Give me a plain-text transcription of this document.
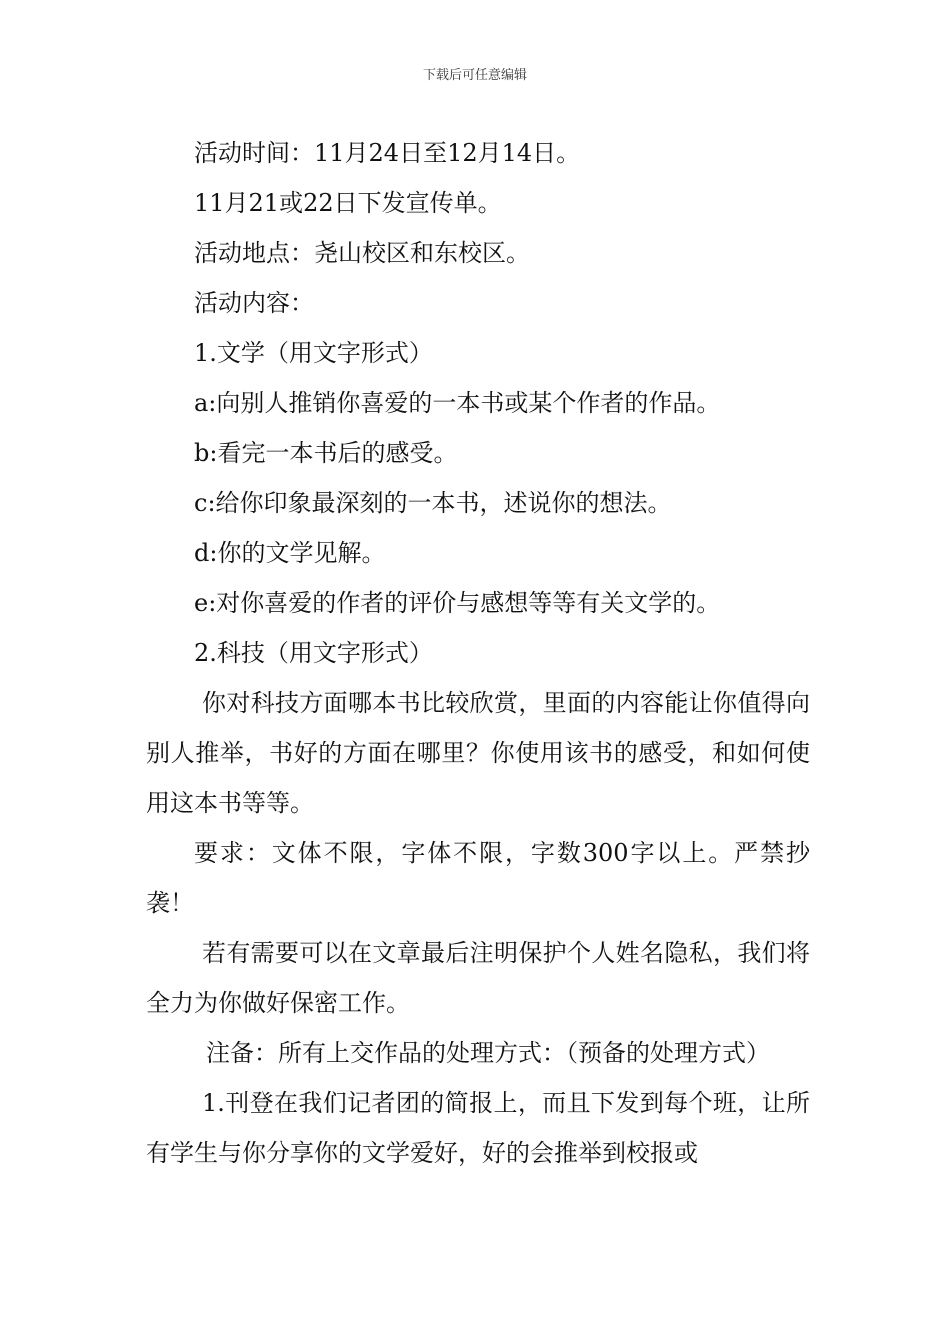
下载后可任意编辑
活动时间：11月24日至12月14日。
11月21或22日下发宣传单。
活动地点：尧山校区和东校区。
活动内容：
1.文学（用文字形式）
a:向别人推销你喜爱的一本书或某个作者的作品。
b:看完一本书后的感受。
c:给你印象最深刻的一本书，述说你的想法。
d:你的文学见解。
e:对你喜爱的作者的评价与感想等等有关文学的。
2.科技（用文字形式）

你对科技方面哪本书比较欣赏，里面的内容能让你值得向别人推举，书好的方面在哪里？你使用该书的感受，和如何使用这本书等等。

要求：文体不限，字体不限，字数300字以上。严禁抄袭！

若有需要可以在文章最后注明保护个人姓名隐私，我们将全力为你做好保密工作。

注备：所有上交作品的处理方式：（预备的处理方式）

1.刊登在我们记者团的简报上，而且下发到每个班，让所有学生与你分享你的文学爱好，好的会推举到校报或
